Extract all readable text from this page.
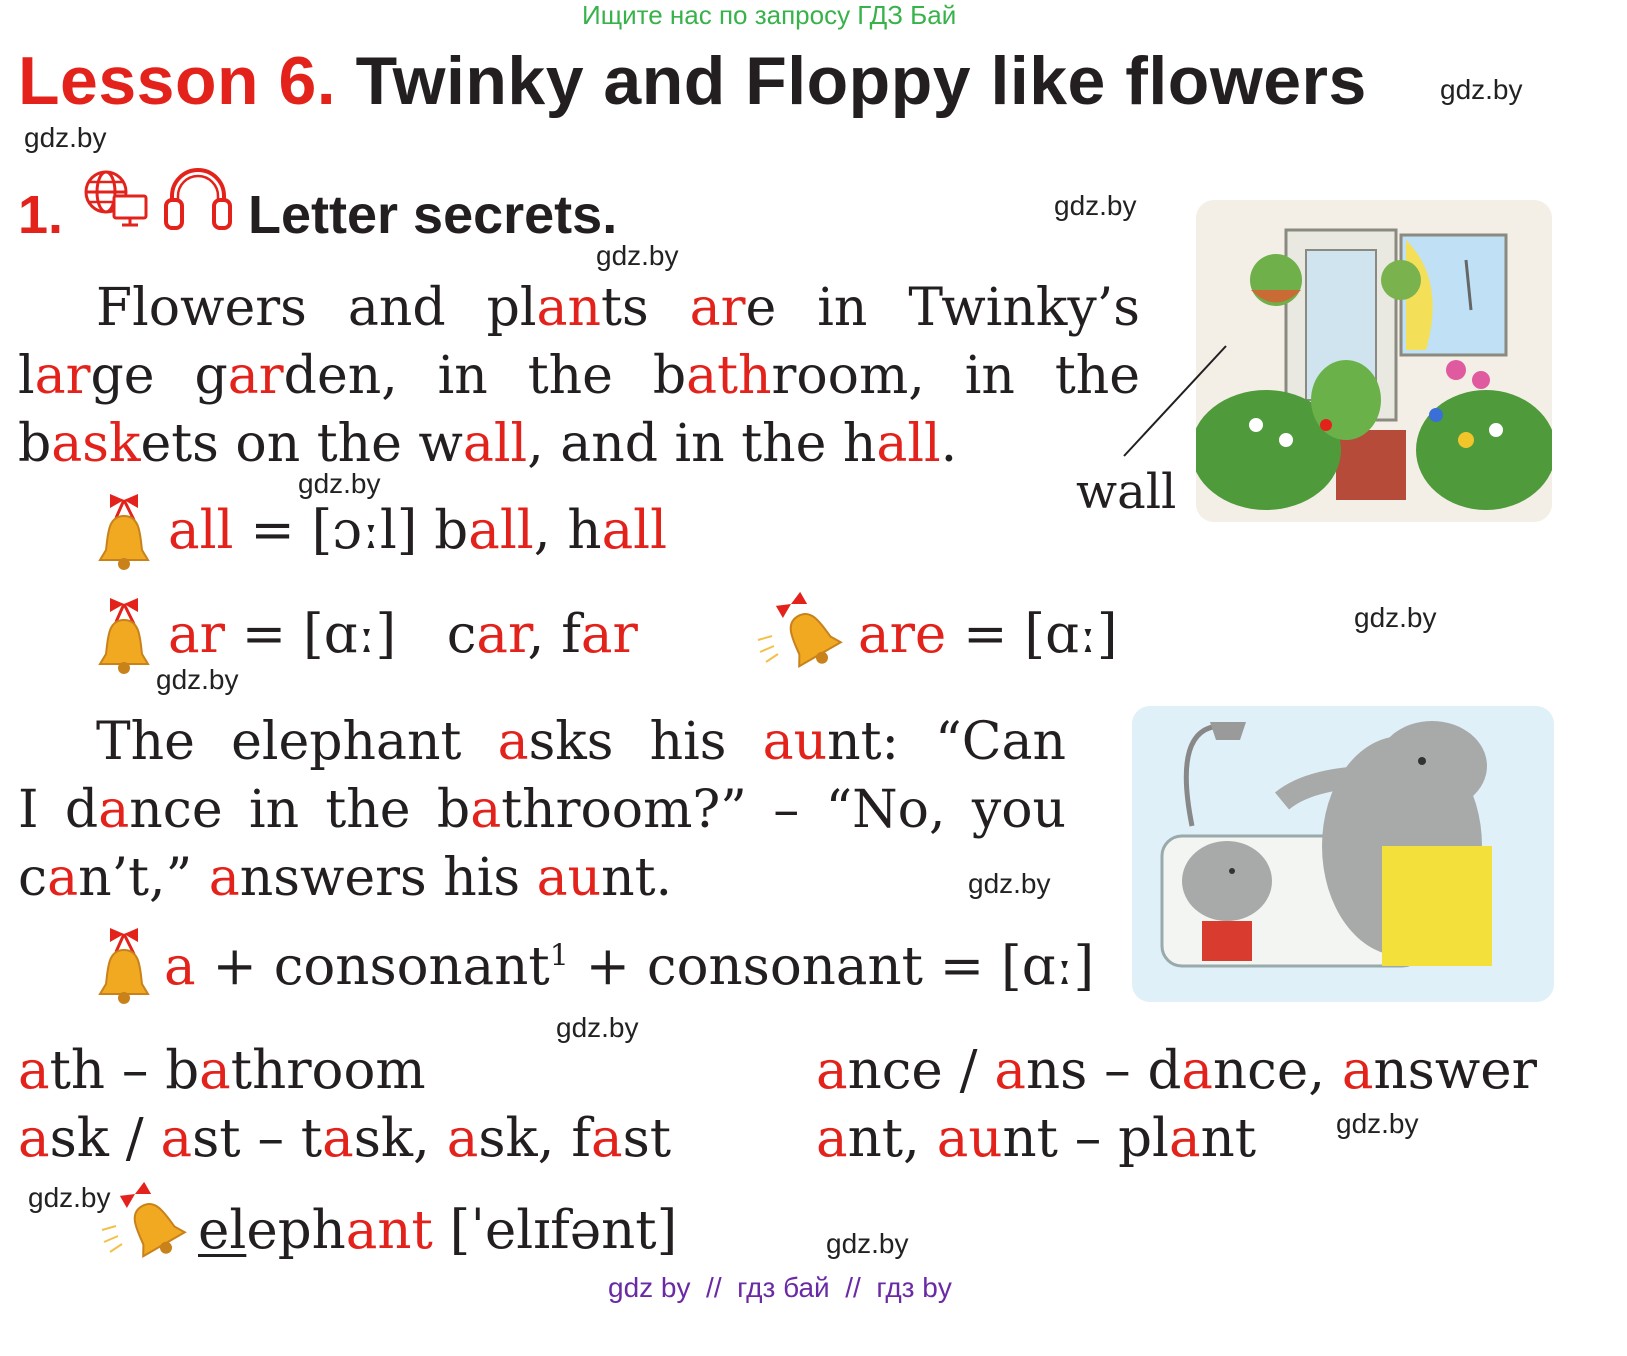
Ищите нас по запросу ГДЗ Бай
Lesson 6. Twinky and Floppy like flowers	gdz.by
gdz.by
gdz.by
gdz.by
gdz.by
gdz.by
gdz.by
gdz.by
gdz.by
gdz.by
gdz.by
gdz.by
1.	Letter secrets.
Flowers and plants are in Twinky’s
large garden, in the bathroom, in the
baskets on the wall, and in the hall.
wall
all = [ɔːl] ball, hall
ar = [ɑː]   car, far	are = [ɑː]
The elephant asks his aunt: “Can
I dance in the bathroom?” – “No, you
can’t,” answers his aunt.
a + consonant$^1$ + consonant = [ɑː]
ath – bathroom
ask / ast – task, ask, fast
ance / ans – dance, answer
ant, aunt – plant
elephant [ˈelɪfənt]
gdz by  //  гдз бай  //  гдз by
